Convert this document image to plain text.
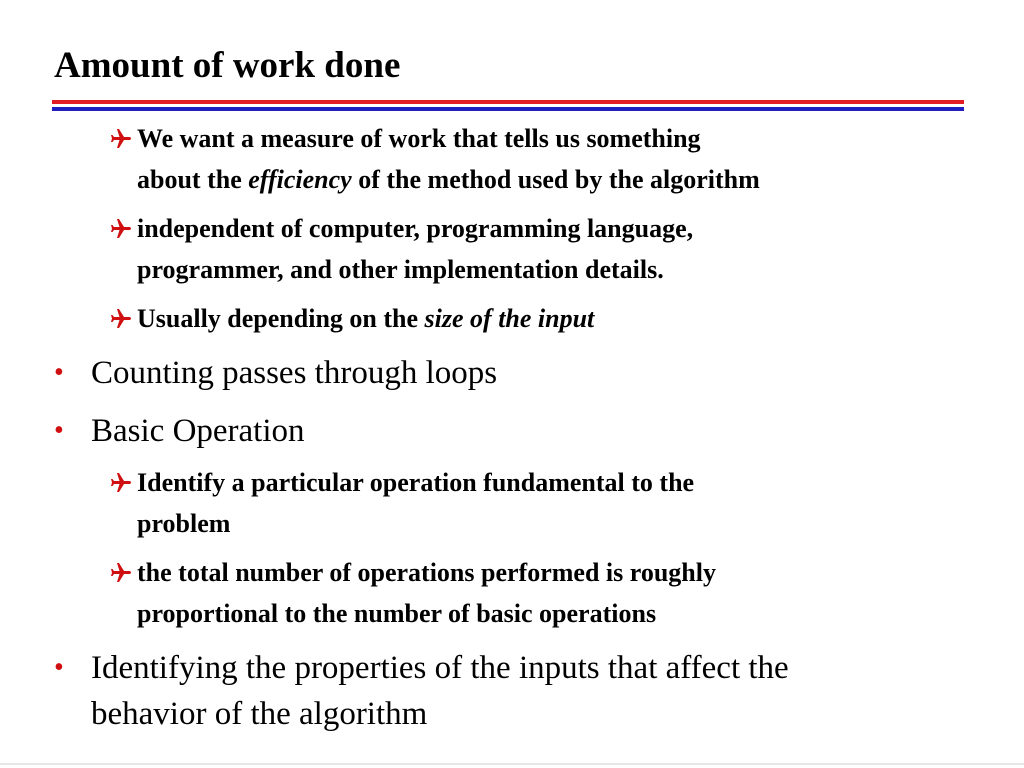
Amount of work done
We want a measure of work that tells us something
about the efficiency of the method used by the algorithm
independent of computer, programming language,
programmer, and other implementation details.
Usually depending on the size of the input
• Counting passes through loops
• Basic Operation
Identify a particular operation fundamental to the
problem
the total number of operations performed is roughly
proportional to the number of basic operations
• Identifying the properties of the inputs that affect the
behavior of the algorithm
